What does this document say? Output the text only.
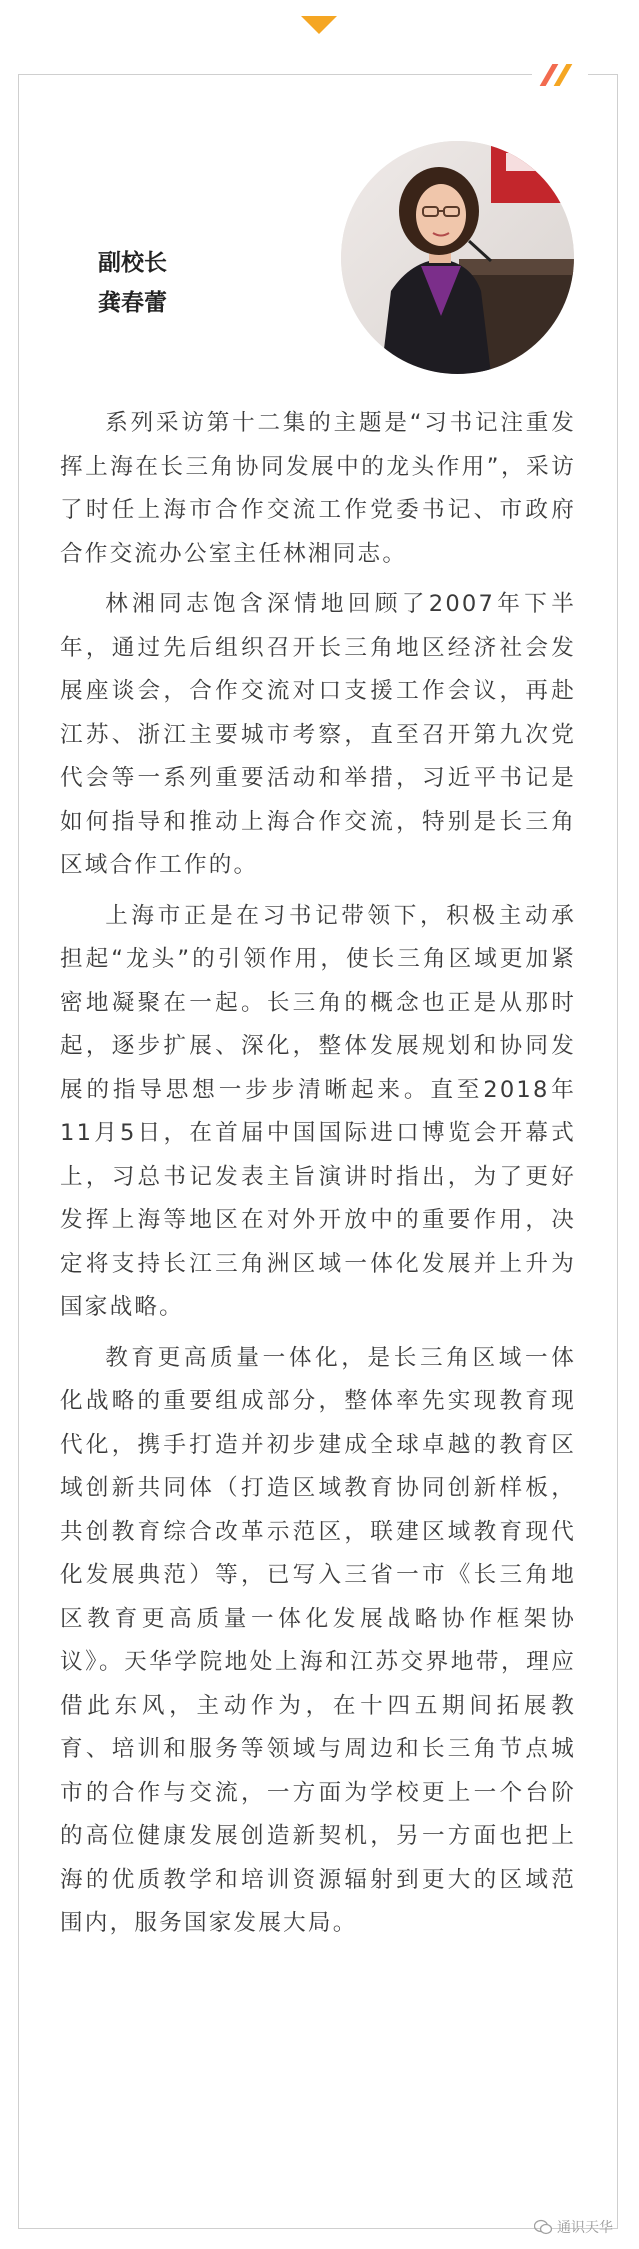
副校长
龚春蕾

系列采访第十二集的主题是“习书记注重发挥上海在长三角协同发展中的龙头作用”，采访了时任上海市合作交流工作党委书记、市政府合作交流办公室主任林湘同志。

林湘同志饱含深情地回顾了2007年下半年，通过先后组织召开长三角地区经济社会发展座谈会，合作交流对口支援工作会议，再赴江苏、浙江主要城市考察，直至召开第九次党代会等一系列重要活动和举措，习近平书记是如何指导和推动上海合作交流，特别是长三角区域合作工作的。

上海市正是在习书记带领下，积极主动承担起“龙头”的引领作用，使长三角区域更加紧密地凝聚在一起。长三角的概念也正是从那时起，逐步扩展、深化，整体发展规划和协同发展的指导思想一步步清晰起来。直至2018年11月5日，在首届中国国际进口博览会开幕式上，习总书记发表主旨演讲时指出，为了更好发挥上海等地区在对外开放中的重要作用，决定将支持长江三角洲区域一体化发展并上升为国家战略。

教育更高质量一体化，是长三角区域一体化战略的重要组成部分，整体率先实现教育现代化，携手打造并初步建成全球卓越的教育区域创新共同体（打造区域教育协同创新样板，共创教育综合改革示范区，联建区域教育现代化发展典范）等，已写入三省一市《长三角地区教育更高质量一体化发展战略协作框架协议》。天华学院地处上海和江苏交界地带，理应借此东风，主动作为，在十四五期间拓展教育、培训和服务等领域与周边和长三角节点城市的合作与交流，一方面为学校更上一个台阶的高位健康发展创造新契机，另一方面也把上海的优质教学和培训资源辐射到更大的区域范围内，服务国家发展大局。

通识天华
